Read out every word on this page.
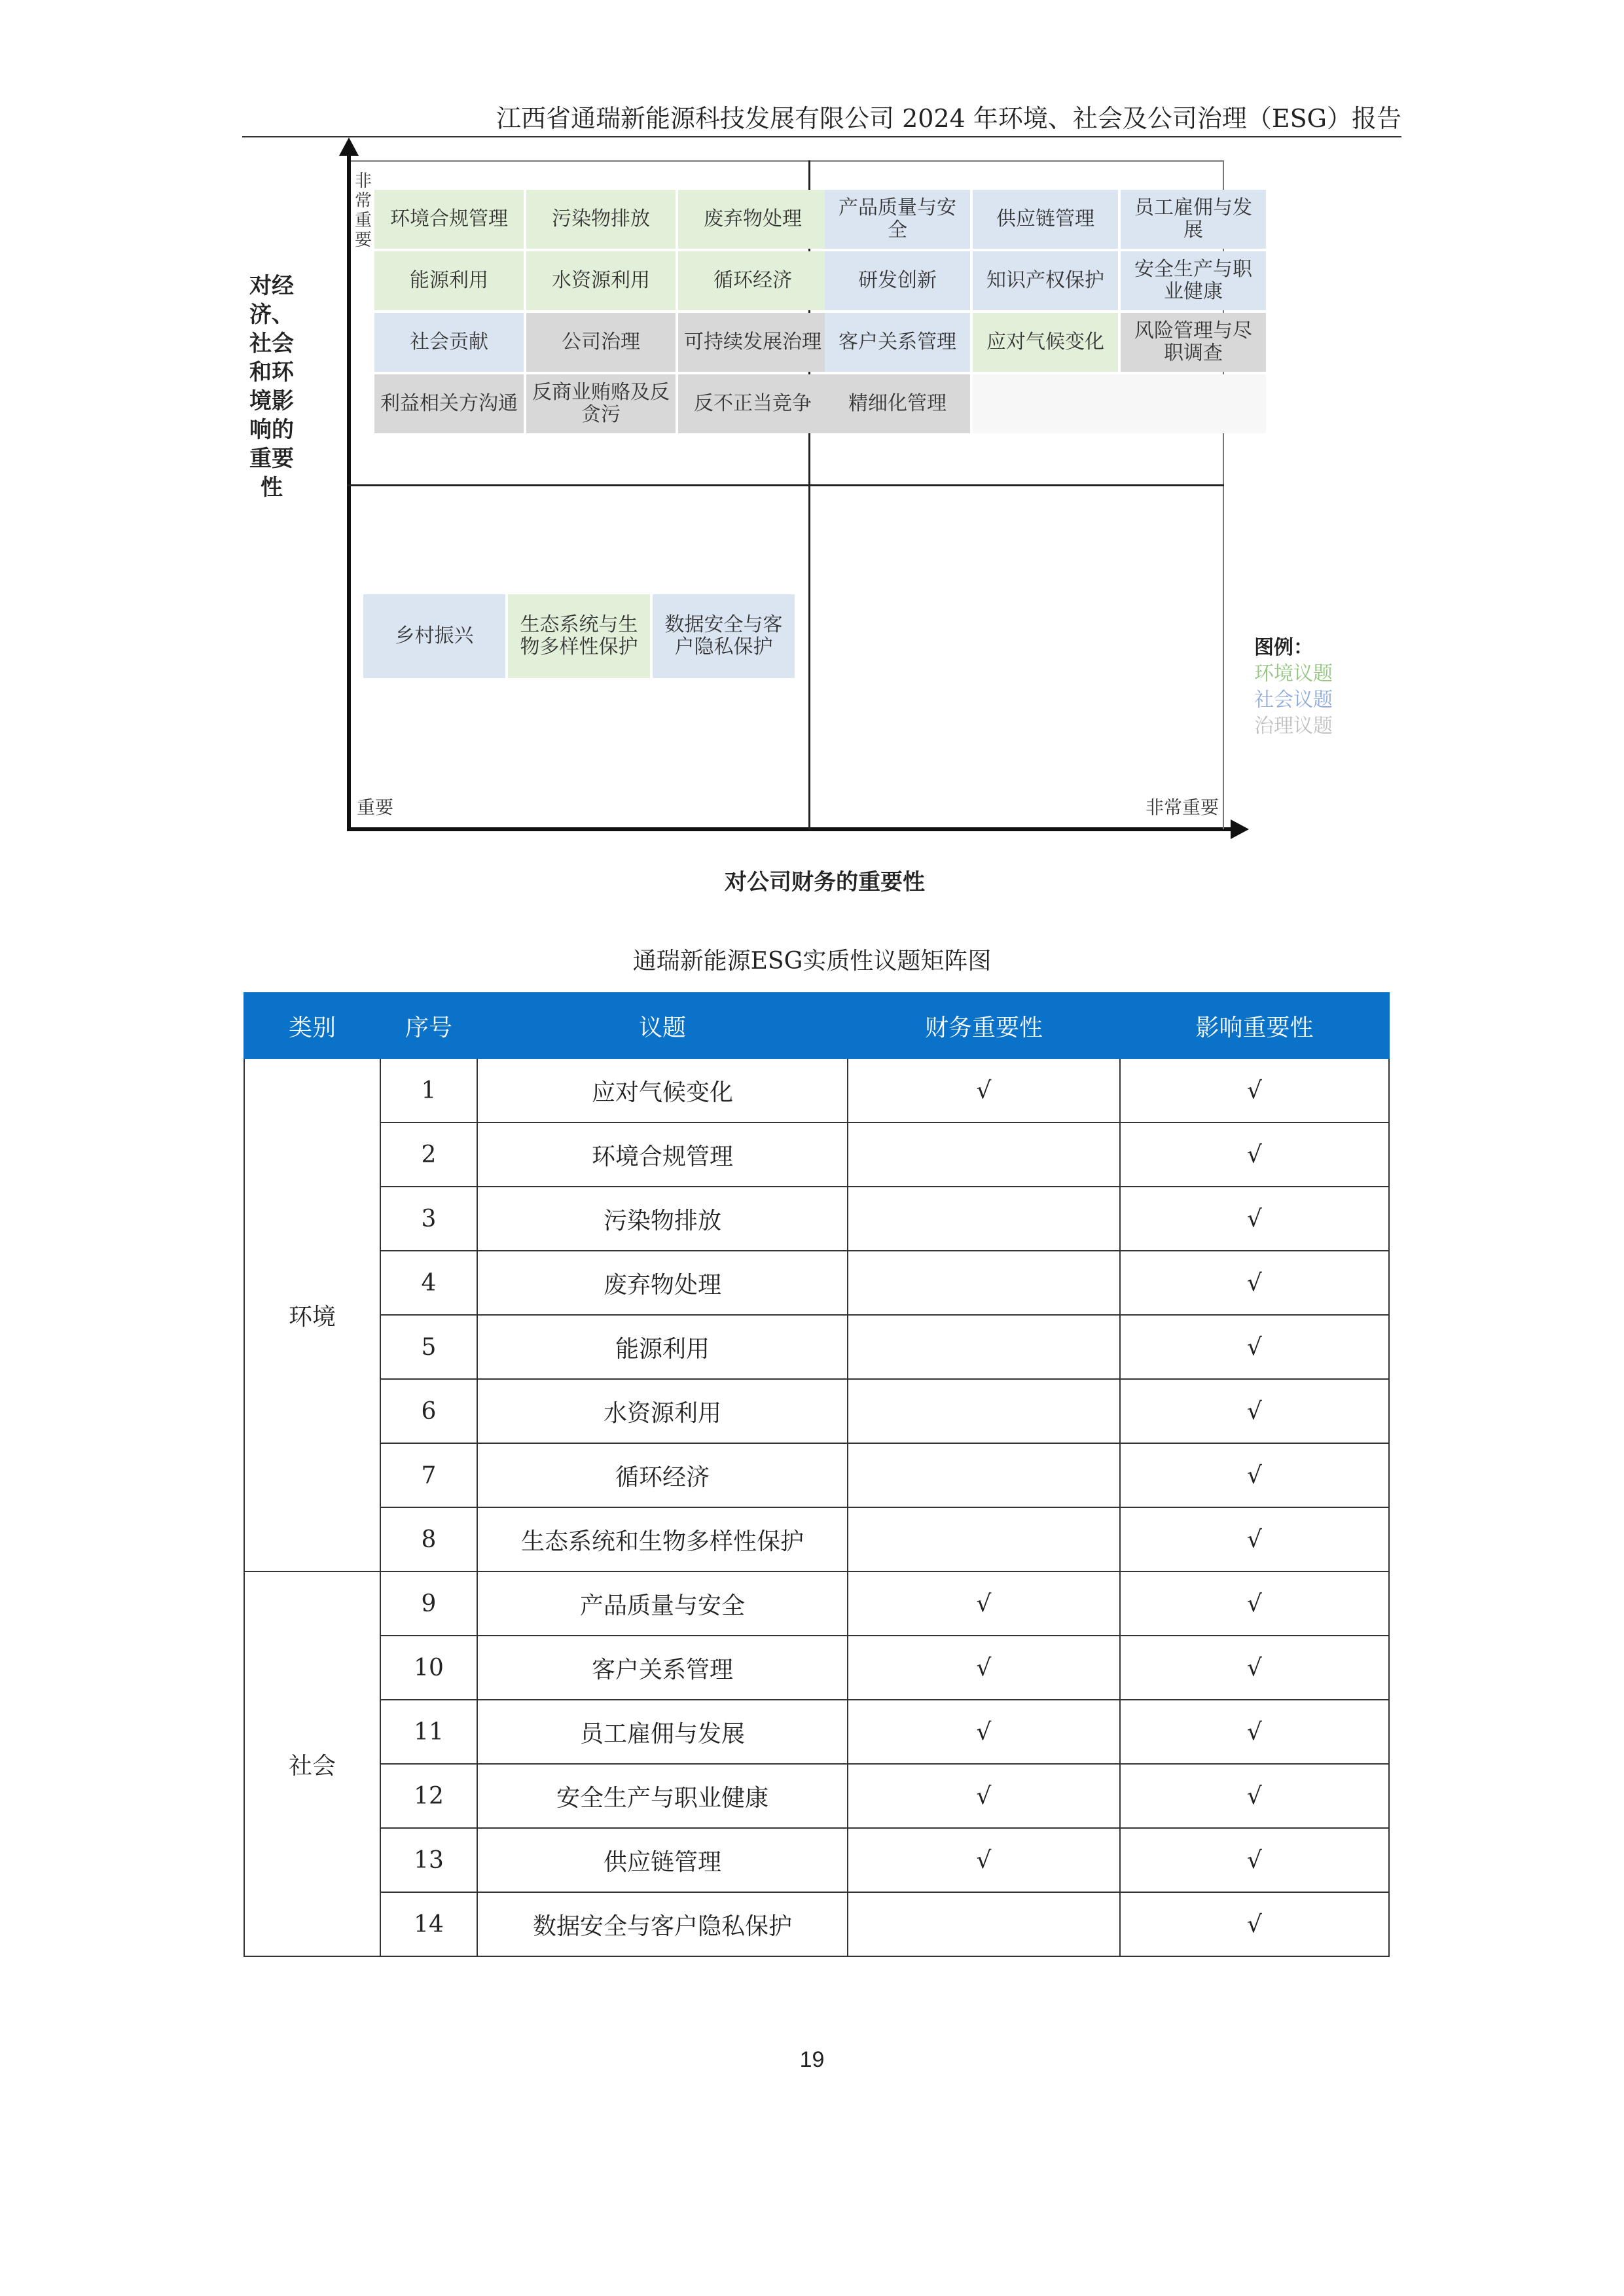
江西省通瑞新能源科技发展有限公司 2024 年环境、社会及公司治理（ESG）报告
对经济、社会和环境影响的重要性
非常重要
重要	非常重要
环境合规管理	污染物排放	废弃物处理
能源利用	水资源利用	循环经济
社会贡献	公司治理	可持续发展治理
利益相关方沟通 反商业贿赂及反贪污	反不正当竞争
产品质量与安全	供应链管理	员工雇佣与发展
研发创新	知识产权保护	安全生产与职业健康
客户关系管理	应对气候变化	风险管理与尽职调查
精细化管理
乡村振兴	生态系统与生物多样性保护
数据安全与客户隐私保护	图例：
环境议题
社会议题
治理议题
对公司财务的重要性
通瑞新能源ESG实质性议题矩阵图
类别	序号	议题	财务重要性	影响重要性
环境	1	应对气候变化	√	√
	2	环境合规管理		√
	3	污染物排放		√
	4	废弃物处理		√
	5	能源利用		√
	6	水资源利用		√
	7	循环经济		√
	8	生态系统和生物多样性保护		√
社会	9	产品质量与安全	√	√
	10	客户关系管理	√	√
	11	员工雇佣与发展	√	√
	12	安全生产与职业健康	√	√
	13	供应链管理	√	√
	14	数据安全与客户隐私保护		√
19
